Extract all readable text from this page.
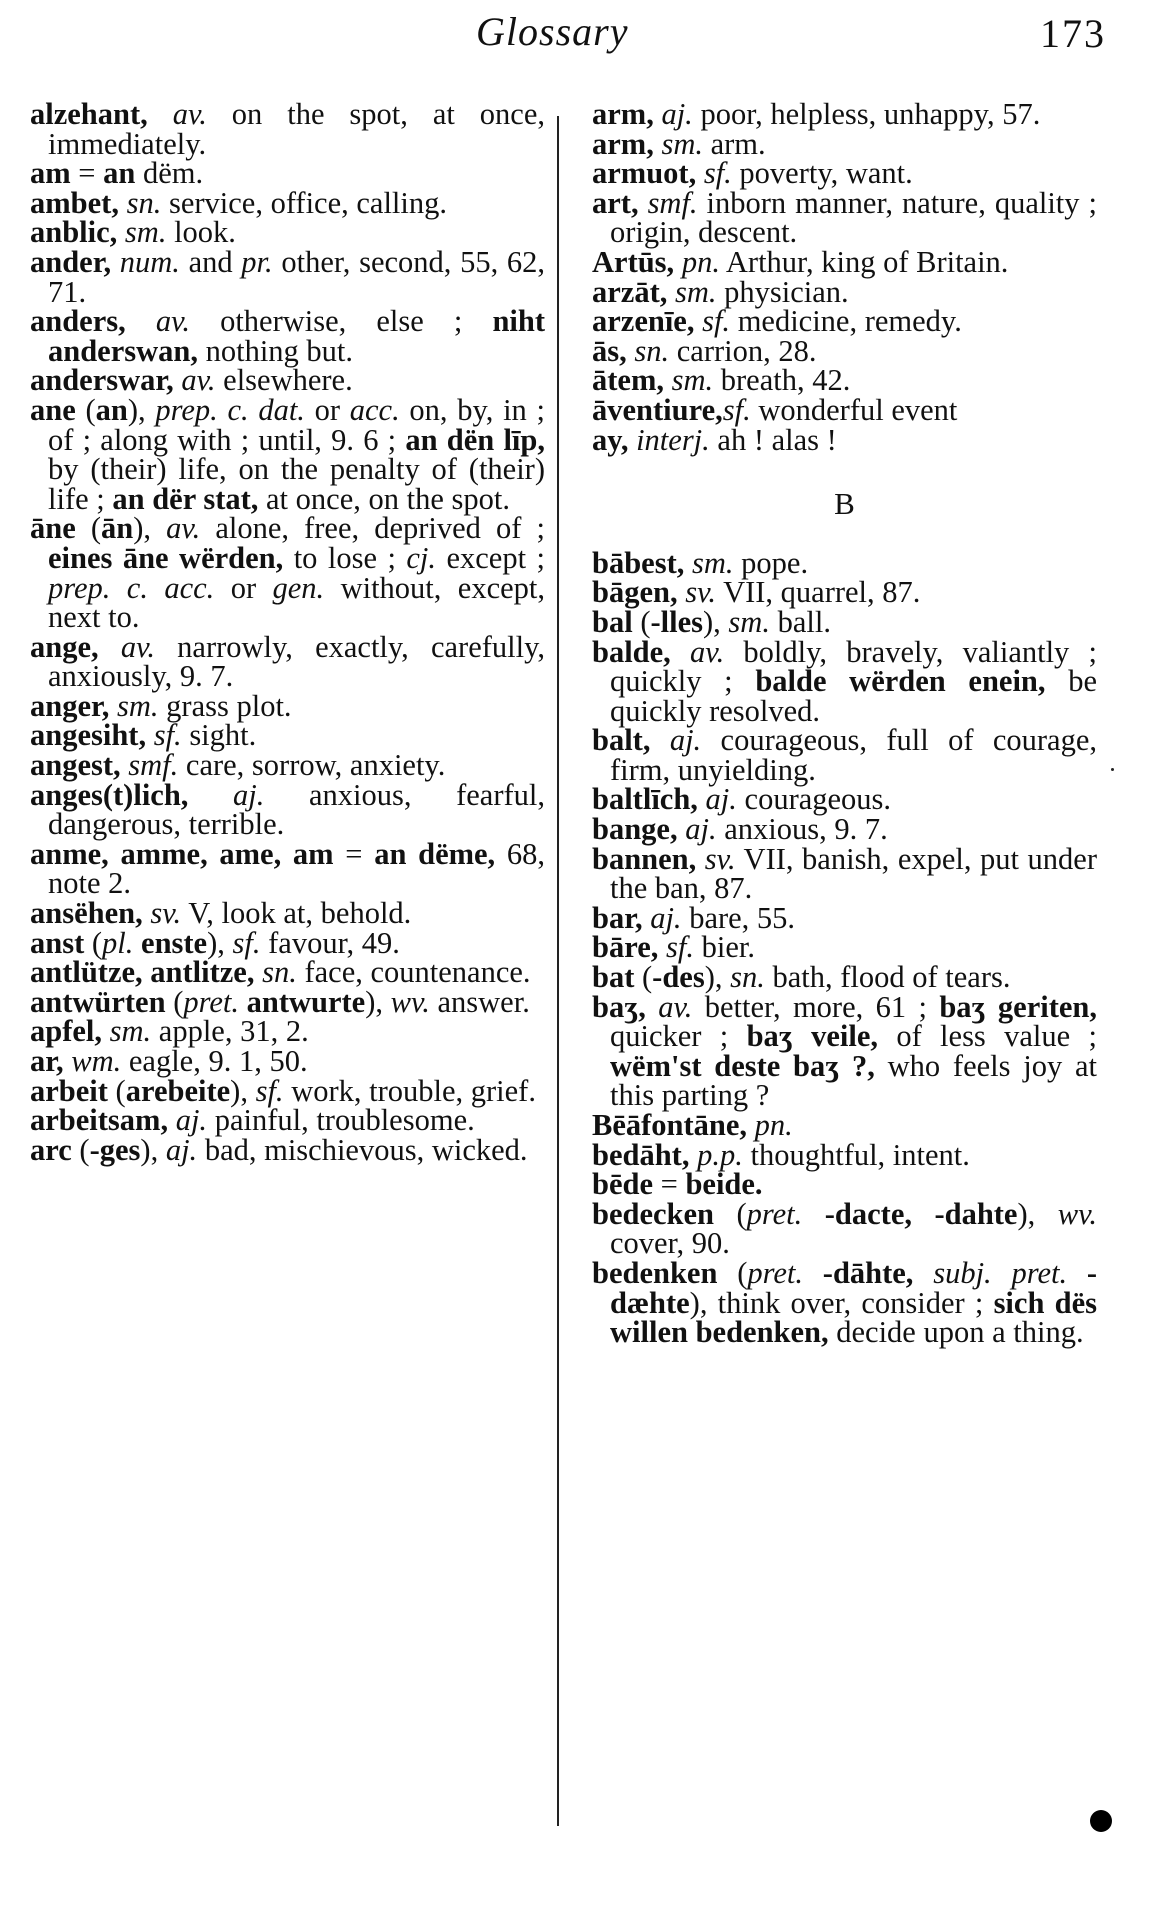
Glossary	173

alzehant, av. on the spot, at once, immediately.

am = an dëm.

ambet, sn. service, office, calling.

anblic, sm. look.

ander, num. and pr. other, second, 55, 62, 71.

anders, av. otherwise, else ; niht anderswan, nothing but.

anderswar, av. elsewhere.

ane (an), prep. c. dat. or acc. on, by, in ; of ; along with ; until, 9. 6 ; an dën līp, by (their) life, on the penalty of (their) life ; an dër stat, at once, on the spot.

āne (ān), av. alone, free, deprived of ; eines āne wërden, to lose ; cj. except ; prep. c. acc. or gen. without, except, next to.

ange, av. narrowly, exactly, carefully, anxiously, 9. 7.

anger, sm. grass plot.

angesiht, sf. sight.

angest, smf. care, sorrow, anxiety.

anges(t)lich, aj. anxious, fearful, dangerous, terrible.

anme, amme, ame, am = an dëme, 68, note 2.

ansëhen, sv. V, look at, behold.

anst (pl. enste), sf. favour, 49.

antlützе, antlitze, sn. face, countenance.

antwürten (pret. antwurte), wv. answer.

apfel, sm. apple, 31, 2.

ar, wm. eagle, 9. 1, 50.

arbeit (arebeite), sf. work, trouble, grief.

arbeitsam, aj. painful, troublesome.

arc (-ges), aj. bad, mischievous, wicked.

arm, aj. poor, helpless, unhappy, 57.

arm, sm. arm.

armuot, sf. poverty, want.

art, smf. inborn manner, nature, quality ; origin, descent.

Artūs, pn. Arthur, king of Britain.

arzāt, sm. physician.

arzenīe, sf. medicine, remedy.

ās, sn. carrion, 28.

ātem, sm. breath, 42.

āventiure,sf. wonderful event

ay, interj. ah ! alas !

B

bābest, sm. pope.

bāgen, sv. VII, quarrel, 87.

bal (-lles), sm. ball.

balde, av. boldly, bravely, valiantly ; quickly ; balde wërden enein, be quickly resolved.

balt, aj. courageous, full of courage, firm, unyielding.

baltlīch, aj. courageous.

bange, aj. anxious, 9. 7.

bannen, sv. VII, banish, expel, put under the ban, 87.

bar, aj. bare, 55.

bāre, sf. bier.

bat (-des), sn. bath, flood of tears.

baʒ, av. better, more, 61 ; baʒ geriten, quicker ; baʒ veile, of less value ; wëm'st deste baʒ ?, who feels joy at this parting ?

Bēāfontāne, pn.

bedāht, p.p. thoughtful, intent.

bēde = beide.

bedecken (pret. -dacte, -dahte), wv. cover, 90.

bedenken (pret. -dāhte, subj. pret. -dæhte), think over, consider ; sich dës willen bedenken, decide upon a thing.
